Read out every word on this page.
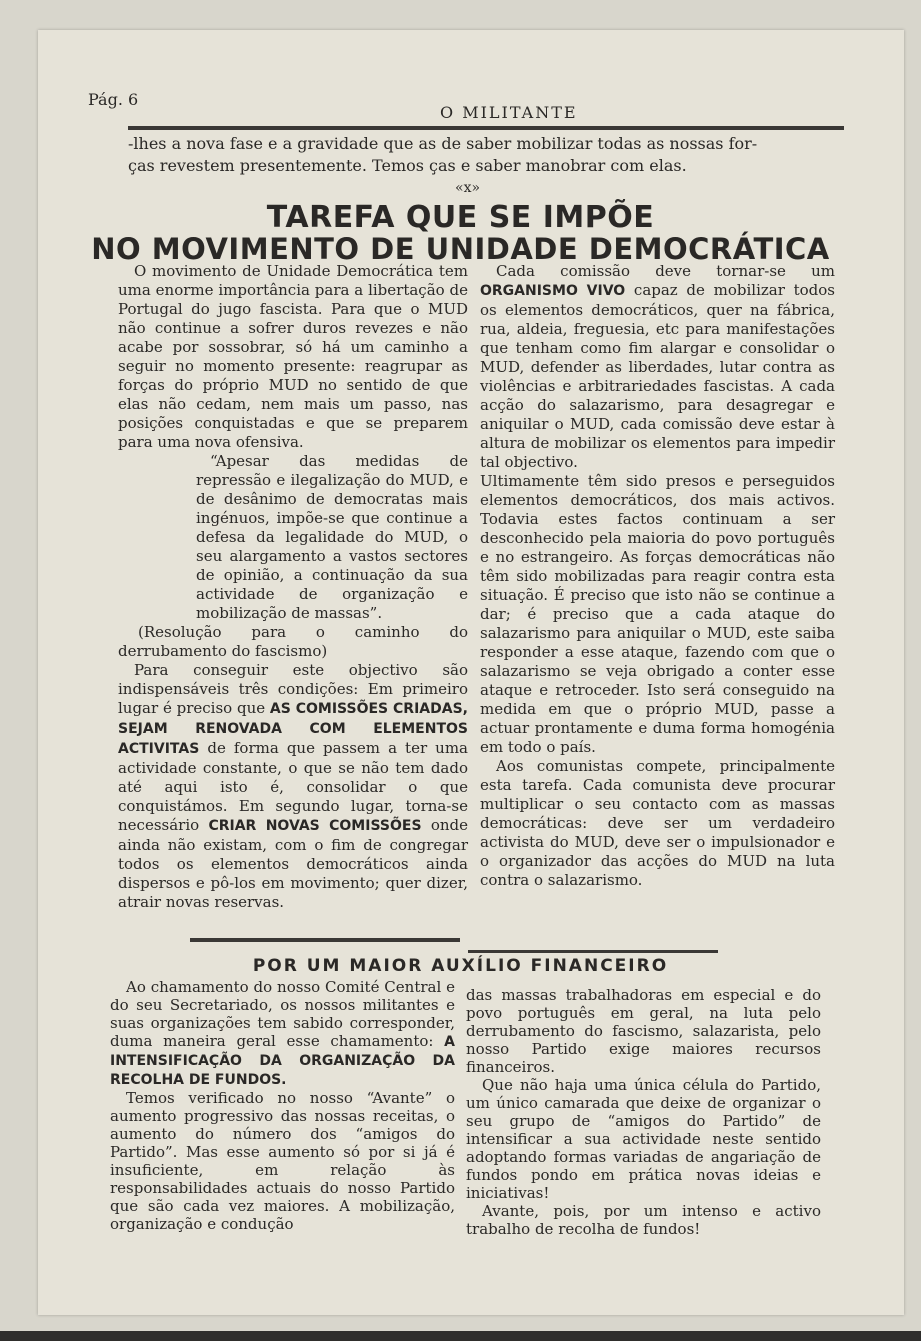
Pág. 6
O MILITANTE
-lhes a nova fase e a gravidade que as de saber mobilizar todas as nossas for-
ças revestem presentemente. Temos ças e saber manobrar com elas.
«x»
TAREFA QUE SE IMPÕE
NO MOVIMENTO DE UNIDADE DEMOCRÁTICA

O movimento de Unidade Democrática tem uma enorme importância para a libertação de Portugal do jugo fascista. Para que o MUD não continue a sofrer duros revezes e não acabe por sossobrar, só há um caminho a seguir no momento presente: reagrupar as forças do próprio MUD no sentido de que elas não cedam, nem mais um passo, nas posições conquistadas e que se preparem para uma nova ofensiva.

“Apesar das medidas de repressão e ilegalização do MUD, e de desânimo de democratas mais ingénuos, impõe-se que continue a defesa da legalidade do MUD, o seu alargamento a vastos sectores de opinião, a continuação da sua actividade de organização e mobilização de massas”.

(Resolução para o caminho do derrubamento do fascismo)

Para conseguir este objectivo são indispensáveis três condições: Em primeiro lugar é preciso que AS COMISSÕES CRIADAS, SEJAM RENOVADA COM ELEMENTOS ACTIVITAS de forma que passem a ter uma actividade constante, o que se não tem dado até aqui isto é, consolidar o que conquistámos. Em segundo lugar, torna-se necessário CRIAR NOVAS COMISSÕES onde ainda não existam, com o fim de congregar todos os elementos democráticos ainda dispersos e pô-los em movimento; quer dizer, atrair novas reservas.

Cada comissão deve tornar-se um ORGANISMO VIVO capaz de mobilizar todos os elementos democráticos, quer na fábrica, rua, aldeia, freguesia, etc para manifestações que tenham como fim alargar e consolidar o MUD, defender as liberdades, lutar contra as violências e arbitrariedades fascistas. A cada acção do salazarismo, para desagregar e aniquilar o MUD, cada comissão deve estar à altura de mobilizar os elementos para impedir tal objectivo.

Ultimamente têm sido presos e perseguidos elementos democráticos, dos mais activos. Todavia estes factos continuam a ser desconhecido pela maioria do povo português e no estrangeiro. As forças democráticas não têm sido mobilizadas para reagir contra esta situação. É preciso que isto não se continue a dar; é preciso que a cada ataque do salazarismo para aniquilar o MUD, este saiba responder a esse ataque, fazendo com que o salazarismo se veja obrigado a conter esse ataque e retroceder. Isto será conseguido na medida em que o próprio MUD, passe a actuar prontamente e duma forma homogénia em todo o país.

Aos comunistas compete, principalmente esta tarefa. Cada comunista deve procurar multiplicar o seu contacto com as massas democráticas: deve ser um verdadeiro activista do MUD, deve ser o impulsionador e o organizador das acções do MUD na luta contra o salazarismo.

POR UM MAIOR AUXÍLIO FINANCEIRO

Ao chamamento do nosso Comité Central e do seu Secretariado, os nossos militantes e suas organizações tem sabido corresponder, duma maneira geral esse chamamento: A INTENSIFICAÇÃO DA ORGANIZAÇÃO DA RECOLHA DE FUNDOS.

Temos verificado no nosso “Avante” o aumento progressivo das nossas receitas, o aumento do número dos “amigos do Partido”. Mas esse aumento só por si já é insuficiente, em relação às responsabilidades actuais do nosso Partido que são cada vez maiores. A mobilização, organização e condução

das massas trabalhadoras em especial e do povo português em geral, na luta pelo derrubamento do fascismo, salazarista, pelo nosso Partido exige maiores recursos financeiros.

Que não haja uma única célula do Partido, um único camarada que deixe de organizar o seu grupo de “amigos do Partido” de intensificar a sua actividade neste sentido adoptando formas variadas de angariação de fundos pondo em prática novas ideias e iniciativas!

Avante, pois, por um intenso e activo trabalho de recolha de fundos!
